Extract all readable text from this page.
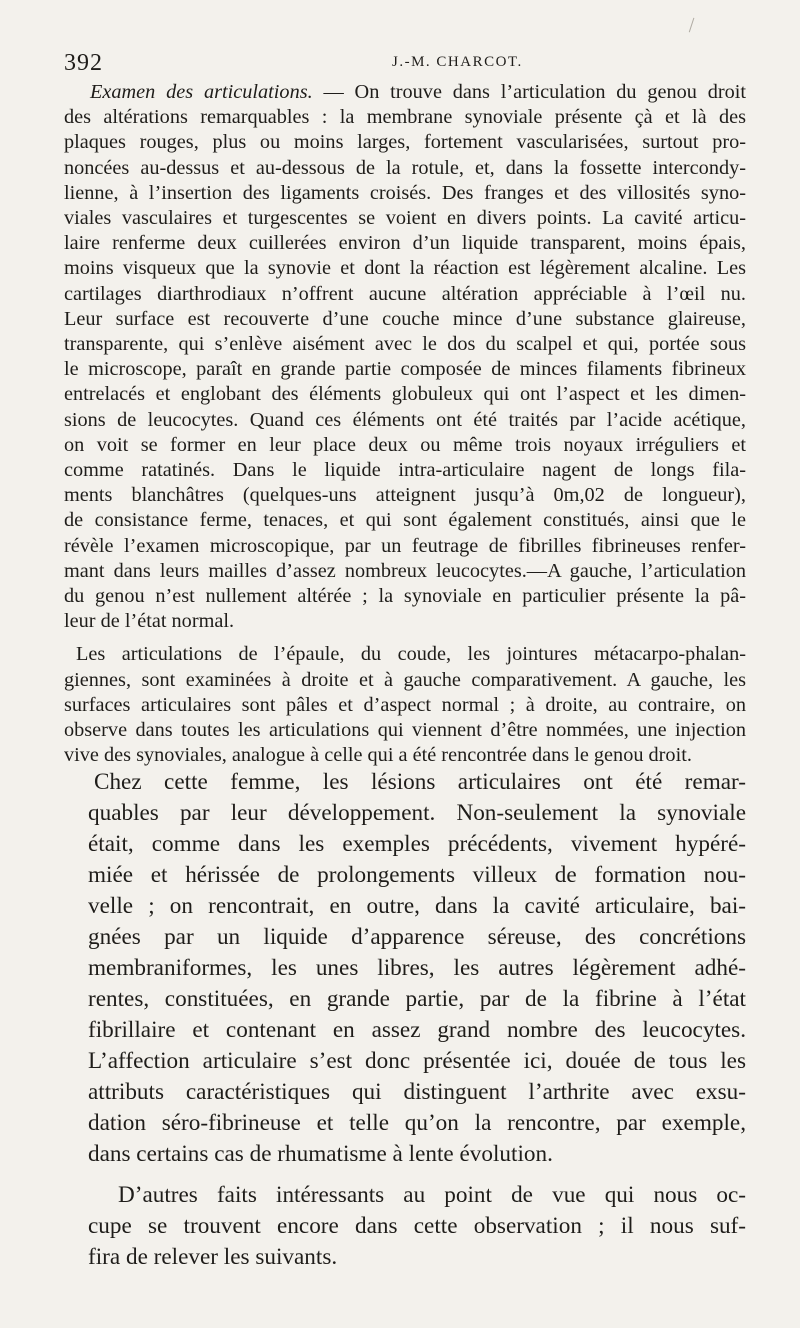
392	J.-M. CHARCOT.
Examen des articulations. — On trouve dans l’articulation du genou droit
des altérations remarquables : la membrane synoviale présente çà et là des
plaques rouges, plus ou moins larges, fortement vascularisées, surtout pro-
noncées au-dessus et au-dessous de la rotule, et, dans la fossette intercondy-
lienne, à l’insertion des ligaments croisés. Des franges et des villosités syno-
viales vasculaires et turgescentes se voient en divers points. La cavité articu-
laire renferme deux cuillerées environ d’un liquide transparent, moins épais,
moins visqueux que la synovie et dont la réaction est légèrement alcaline. Les
cartilages diarthrodiaux n’offrent aucune altération appréciable à l’œil nu.
Leur surface est recouverte d’une couche mince d’une substance glaireuse,
transparente, qui s’enlève aisément avec le dos du scalpel et qui, portée sous
le microscope, paraît en grande partie composée de minces filaments fibrineux
entrelacés et englobant des éléments globuleux qui ont l’aspect et les dimen-
sions de leucocytes. Quand ces éléments ont été traités par l’acide acétique,
on voit se former en leur place deux ou même trois noyaux irréguliers et
comme ratatinés. Dans le liquide intra-articulaire nagent de longs fila-
ments blanchâtres (quelques-uns atteignent jusqu’à 0m,02 de longueur),
de consistance ferme, tenaces, et qui sont également constitués, ainsi que le
révèle l’examen microscopique, par un feutrage de fibrilles fibrineuses renfer-
mant dans leurs mailles d’assez nombreux leucocytes.—A gauche, l’articulation
du genou n’est nullement altérée ; la synoviale en particulier présente la pâ-
leur de l’état normal.
Les articulations de l’épaule, du coude, les jointures métacarpo-phalan-
giennes, sont examinées à droite et à gauche comparativement. A gauche, les
surfaces articulaires sont pâles et d’aspect normal ; à droite, au contraire, on
observe dans toutes les articulations qui viennent d’être nommées, une injection
vive des synoviales, analogue à celle qui a été rencontrée dans le genou droit.
Chez cette femme, les lésions articulaires ont été remar-
quables par leur développement. Non-seulement la synoviale
était, comme dans les exemples précédents, vivement hypéré-
miée et hérissée de prolongements villeux de formation nou-
velle ; on rencontrait, en outre, dans la cavité articulaire, bai-
gnées par un liquide d’apparence séreuse, des concrétions
membraniformes, les unes libres, les autres légèrement adhé-
rentes, constituées, en grande partie, par de la fibrine à l’état
fibrillaire et contenant en assez grand nombre des leucocytes.
L’affection articulaire s’est donc présentée ici, douée de tous les
attributs caractéristiques qui distinguent l’arthrite avec exsu-
dation séro-fibrineuse et telle qu’on la rencontre, par exemple,
dans certains cas de rhumatisme à lente évolution.
D’autres faits intéressants au point de vue qui nous oc-
cupe se trouvent encore dans cette observation ; il nous suf-
fira de relever les suivants.
